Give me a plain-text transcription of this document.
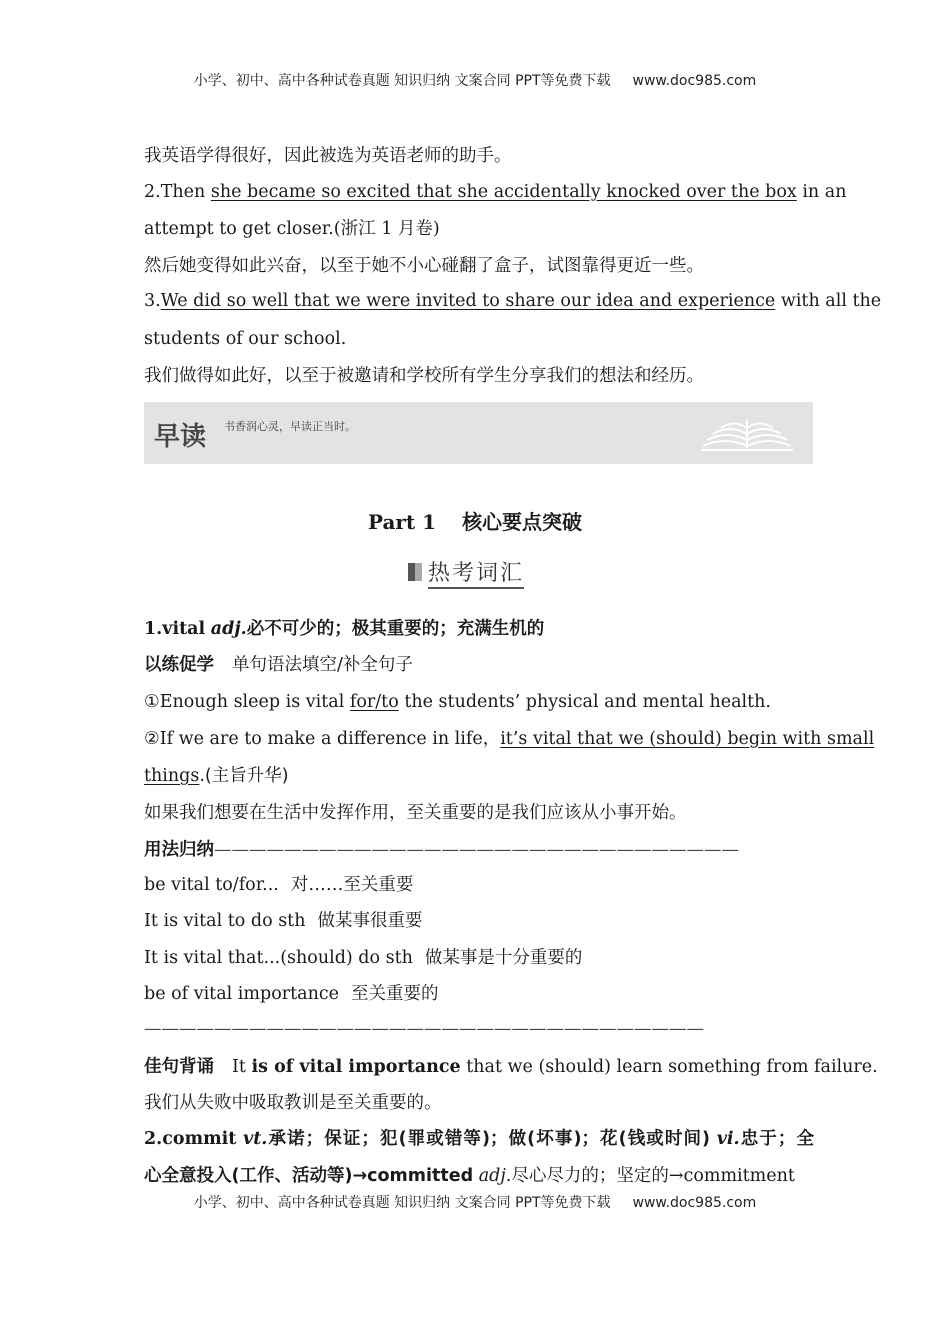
小学、初中、高中各种试卷真题 知识归纳 文案合同 PPT等免费下载 www.doc985.com
我英语学得很好，因此被选为英语老师的助手。
2.Then she became so excited that she accidentally knocked over the box in an
attempt to get closer.(浙江 1 月卷)
然后她变得如此兴奋，以至于她不小心碰翻了盒子，试图靠得更近一些。
3.We did so well that we were invited to share our idea and experience with all the
students of our school.
我们做得如此好，以至于被邀请和学校所有学生分享我们的想法和经历。
早读 书香润心灵，早读正当时。
Part 1 核心要点突破
热考词汇
1.vital adj.必不可少的；极其重要的；充满生机的
以练促学 单句语法填空/补全句子
①Enough sleep is vital for/to the students’ physical and mental health.
②If we are to make a difference in life，it’s vital that we (should) begin with small
things.(主旨升华)
如果我们想要在生活中发挥作用，至关重要的是我们应该从小事开始。
用法归纳——————————————————————————————
be vital to/for... 对……至关重要
It is vital to do sth 做某事很重要
It is vital that...(should) do sth 做某事是十分重要的
be of vital importance 至关重要的
————————————————————————————————
佳句背诵 It is of vital importance that we (should) learn something from failure.
我们从失败中吸取教训是至关重要的。
2.commit vt.承诺；保证；犯(罪或错等)；做(坏事)；花(钱或时间) vi.忠于；全
心全意投入(工作、活动等)→committed adj.尽心尽力的；坚定的→commitment
小学、初中、高中各种试卷真题 知识归纳 文案合同 PPT等免费下载 www.doc985.com
